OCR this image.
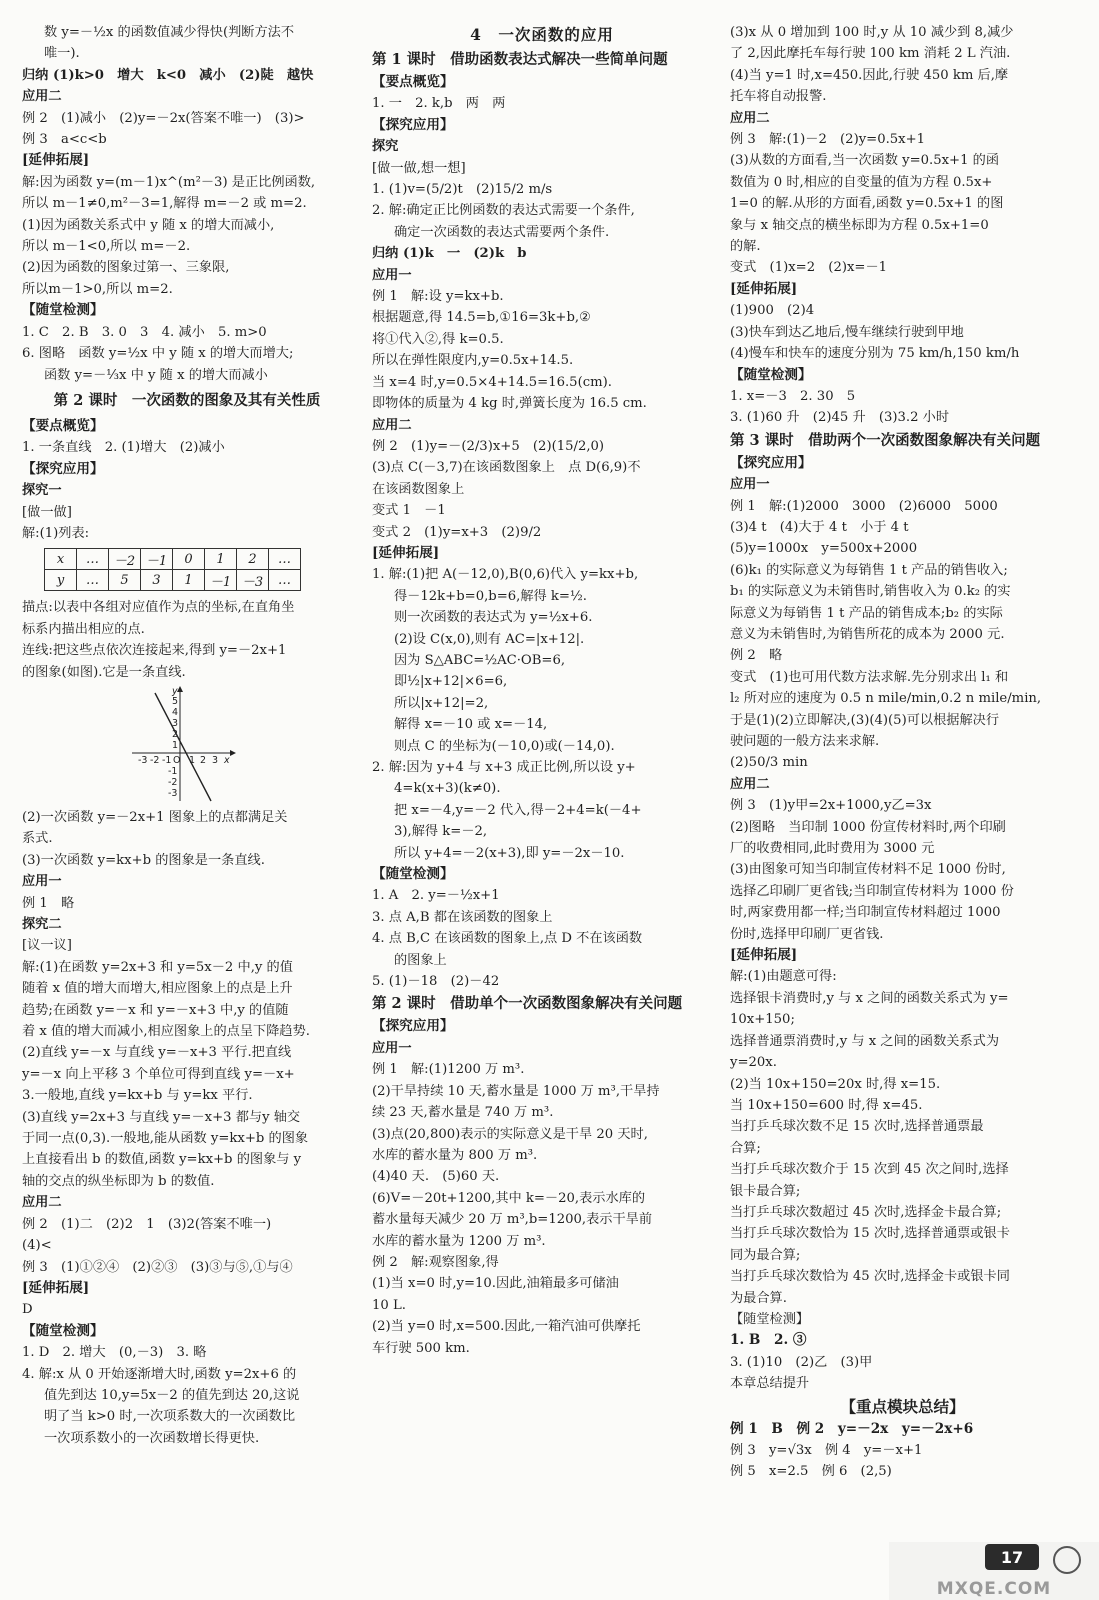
数 y=－½x 的函数值减少得快(判断方法不
唯一).
归纳 (1)k>0　增大　k<0　减小　(2)陡　越快
应用二
例 2　(1)减小　(2)y=－2x(答案不唯一)　(3)>
例 3　a<c<b
[延伸拓展]
解:因为函数 y=(m－1)x^(m²－3) 是正比例函数,
所以 m－1≠0,m²－3=1,解得 m=－2 或 m=2.
(1)因为函数关系式中 y 随 x 的增大而减小,
所以 m－1<0,所以 m=－2.
(2)因为函数的图象过第一、三象限,
所以m－1>0,所以 m=2.
【随堂检测】
1. C　2. B　3. 0　3　4. 减小　5. m>0
6. 图略　函数 y=½x 中 y 随 x 的增大而增大;
函数 y=－⅓x 中 y 随 x 的增大而减小
第 2 课时　一次函数的图象及其有关性质
【要点概览】
1. 一条直线　2. (1)增大　(2)减小
【探究应用】
探究一
[做一做]
解:(1)列表:
x	…	－2	－1	0	1	2	…
y	…	5	3	1	－1	－3	…
描点:以表中各组对应值作为点的坐标,在直角坐
标系内描出相应的点.
连线:把这些点依次连接起来,得到 y=－2x+1
的图象(如图).它是一条直线.
-3 -2 -1 O 1 2 3 x
y
5
4
3
2
1
-1
-2
-3
(2)一次函数 y=－2x+1 图象上的点都满足关
系式.
(3)一次函数 y=kx+b 的图象是一条直线.
应用一
例 1　略
探究二
[议一议]
解:(1)在函数 y=2x+3 和 y=5x－2 中,y 的值
随着 x 值的增大而增大,相应图象上的点是上升
趋势;在函数 y=－x 和 y=－x+3 中,y 的值随
着 x 值的增大而减小,相应图象上的点呈下降趋势.
(2)直线 y=－x 与直线 y=－x+3 平行.把直线
y=－x 向上平移 3 个单位可得到直线 y=－x+
3.一般地,直线 y=kx+b 与 y=kx 平行.
(3)直线 y=2x+3 与直线 y=－x+3 都与y 轴交
于同一点(0,3).一般地,能从函数 y=kx+b 的图象
上直接看出 b 的数值,函数 y=kx+b 的图象与 y
轴的交点的纵坐标即为 b 的数值.
应用二
例 2　(1)二　(2)2　1　(3)2(答案不唯一)
(4)<
例 3　(1)①②④　(2)②③　(3)③与⑤,①与④
[延伸拓展]
D
【随堂检测】
1. D　2. 增大　(0,－3)　3. 略
4. 解:x 从 0 开始逐渐增大时,函数 y=2x+6 的
值先到达 10,y=5x－2 的值先到达 20,这说
明了当 k>0 时,一次项系数大的一次函数比
一次项系数小的一次函数增长得更快.
4　一次函数的应用
第 1 课时　借助函数表达式解决一些简单问题
【要点概览】
1. 一　2. k,b　两　两
【探究应用】
探究
[做一做,想一想]
1. (1)v=(5/2)t　(2)15/2 m/s
2. 解:确定正比例函数的表达式需要一个条件,
确定一次函数的表达式需要两个条件.
归纳 (1)k　一　(2)k　b
应用一
例 1　解:设 y=kx+b.
根据题意,得 14.5=b,①16=3k+b,②
将①代入②,得 k=0.5.
所以在弹性限度内,y=0.5x+14.5.
当 x=4 时,y=0.5×4+14.5=16.5(cm).
即物体的质量为 4 kg 时,弹簧长度为 16.5 cm.
应用二
例 2　(1)y=－(2/3)x+5　(2)(15/2,0)
(3)点 C(－3,7)在该函数图象上　点 D(6,9)不
在该函数图象上
变式 1　－1
变式 2　(1)y=x+3　(2)9/2
[延伸拓展]
1. 解:(1)把 A(－12,0),B(0,6)代入 y=kx+b,
得－12k+b=0,b=6,解得 k=½.
则一次函数的表达式为 y=½x+6.
(2)设 C(x,0),则有 AC=|x+12|.
因为 S△ABC=½AC·OB=6,
即½|x+12|×6=6,
所以|x+12|=2,
解得 x=－10 或 x=－14,
则点 C 的坐标为(－10,0)或(－14,0).
2. 解:因为 y+4 与 x+3 成正比例,所以设 y+
4=k(x+3)(k≠0).
把 x=－4,y=－2 代入,得－2+4=k(－4+
3),解得 k=－2,
所以 y+4=－2(x+3),即 y=－2x－10.
【随堂检测】
1. A　2. y=－½x+1
3. 点 A,B 都在该函数的图象上
4. 点 B,C 在该函数的图象上,点 D 不在该函数
的图象上
5. (1)－18　(2)－42
第 2 课时　借助单个一次函数图象解决有关问题
【探究应用】
应用一
例 1　解:(1)1200 万 m³.
(2)干旱持续 10 天,蓄水量是 1000 万 m³,干旱持
续 23 天,蓄水量是 740 万 m³.
(3)点(20,800)表示的实际意义是干旱 20 天时,
水库的蓄水量为 800 万 m³.
(4)40 天.　(5)60 天.
(6)V=－20t+1200,其中 k=－20,表示水库的
蓄水量每天减少 20 万 m³,b=1200,表示干旱前
水库的蓄水量为 1200 万 m³.
例 2　解:观察图象,得
(1)当 x=0 时,y=10.因此,油箱最多可储油
10 L.
(2)当 y=0 时,x=500.因此,一箱汽油可供摩托
车行驶 500 km.
(3)x 从 0 增加到 100 时,y 从 10 减少到 8,减少
了 2,因此摩托车每行驶 100 km 消耗 2 L 汽油.
(4)当 y=1 时,x=450.因此,行驶 450 km 后,摩
托车将自动报警.
应用二
例 3　解:(1)－2　(2)y=0.5x+1
(3)从数的方面看,当一次函数 y=0.5x+1 的函
数值为 0 时,相应的自变量的值为方程 0.5x+
1=0 的解.从形的方面看,函数 y=0.5x+1 的图
象与 x 轴交点的横坐标即为方程 0.5x+1=0
的解.
变式　(1)x=2　(2)x=－1
[延伸拓展]
(1)900　(2)4
(3)快车到达乙地后,慢车继续行驶到甲地
(4)慢车和快车的速度分别为 75 km/h,150 km/h
【随堂检测】
1. x=－3　2. 30　5
3. (1)60 升　(2)45 升　(3)3.2 小时
第 3 课时　借助两个一次函数图象解决有关问题
【探究应用】
应用一
例 1　解:(1)2000　3000　(2)6000　5000
(3)4 t　(4)大于 4 t　小于 4 t
(5)y=1000x　y=500x+2000
(6)k₁ 的实际意义为每销售 1 t 产品的销售收入;
b₁ 的实际意义为未销售时,销售收入为 0.k₂ 的实
际意义为每销售 1 t 产品的销售成本;b₂ 的实际
意义为未销售时,为销售所花的成本为 2000 元.
例 2　略
变式　(1)也可用代数方法求解.先分别求出 l₁ 和
l₂ 所对应的速度为 0.5 n mile/min,0.2 n mile/min,
于是(1)(2)立即解决,(3)(4)(5)可以根据解决行
驶问题的一般方法来求解.
(2)50/3 min
应用二
例 3　(1)y甲=2x+1000,y乙=3x
(2)图略　当印制 1000 份宣传材料时,两个印刷
厂的收费相同,此时费用为 3000 元
(3)由图象可知当印制宣传材料不足 1000 份时,
选择乙印刷厂更省钱;当印制宣传材料为 1000 份
时,两家费用都一样;当印制宣传材料超过 1000
份时,选择甲印刷厂更省钱.
[延伸拓展]
解:(1)由题意可得:
选择银卡消费时,y 与 x 之间的函数关系式为 y=
10x+150;
选择普通票消费时,y 与 x 之间的函数关系式为
y=20x.
(2)当 10x+150=20x 时,得 x=15.
当 10x+150=600 时,得 x=45.
当打乒乓球次数不足 15 次时,选择普通票最
合算;
当打乒乓球次数介于 15 次到 45 次之间时,选择
银卡最合算;
当打乒乓球次数超过 45 次时,选择金卡最合算;
当打乒乓球次数恰为 15 次时,选择普通票或银卡
同为最合算;
当打乒乓球次数恰为 45 次时,选择金卡或银卡同
为最合算.
【随堂检测】
1. B　2. ③
3. (1)10　(2)乙　(3)甲
本章总结提升
【重点模块总结】
例 1　B　例 2　y=－2x　y=－2x+6
例 3　y=√3x　例 4　y=－x+1
例 5　x=2.5　例 6　(2,5)
17
MXQE.COM
